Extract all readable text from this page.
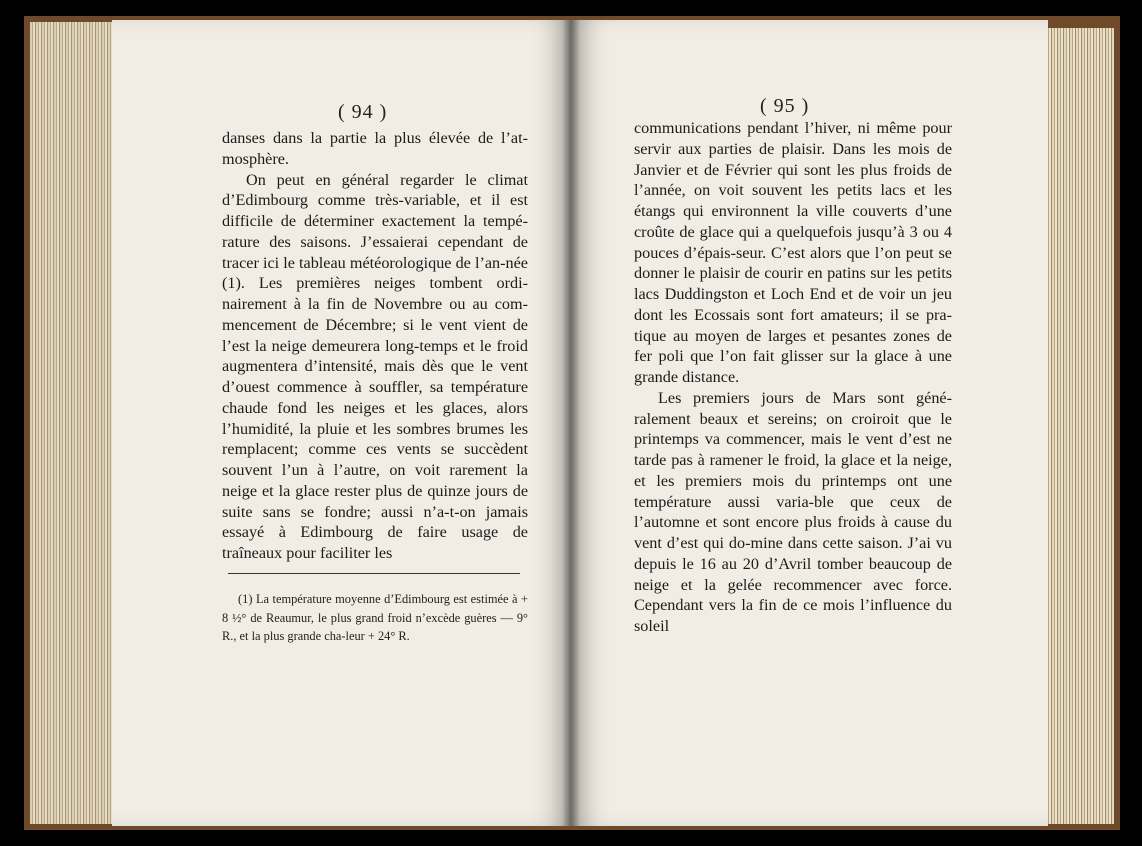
( 94 )

danses dans la partie la plus élevée de l’at-mosphère.

On peut en général regarder le climat d’Edimbourg comme très-variable, et il est difficile de déterminer exactement la tempé-rature des saisons. J’essaierai cependant de tracer ici le tableau météorologique de l’an-née (1). Les premières neiges tombent ordi-nairement à la fin de Novembre ou au com-mencement de Décembre; si le vent vient de l’est la neige demeurera long-temps et le froid augmentera d’intensité, mais dès que le vent d’ouest commence à souffler, sa température chaude fond les neiges et les glaces, alors l’humidité, la pluie et les sombres brumes les remplacent; comme ces vents se succèdent souvent l’un à l’autre, on voit rarement la neige et la glace rester plus de quinze jours de suite sans se fondre; aussi n’a-t-on jamais essayé à Edimbourg de faire usage de traîneaux pour faciliter les

(1) La température moyenne d’Edimbourg est estimée à + 8 ½° de Reaumur, le plus grand froid n’excède guères — 9° R., et la plus grande cha-leur + 24° R.

( 95 )

communications pendant l’hiver, ni même pour servir aux parties de plaisir. Dans les mois de Janvier et de Février qui sont les plus froids de l’année, on voit souvent les petits lacs et les étangs qui environnent la ville couverts d’une croûte de glace qui a quelquefois jusqu’à 3 ou 4 pouces d’épais-seur. C’est alors que l’on peut se donner le plaisir de courir en patins sur les petits lacs Duddingston et Loch End et de voir un jeu dont les Ecossais sont fort amateurs; il se pra-tique au moyen de larges et pesantes zones de fer poli que l’on fait glisser sur la glace à une grande distance.

Les premiers jours de Mars sont géné-ralement beaux et sereins; on croiroit que le printemps va commencer, mais le vent d’est ne tarde pas à ramener le froid, la glace et la neige, et les premiers mois du printemps ont une température aussi varia-ble que ceux de l’automne et sont encore plus froids à cause du vent d’est qui do-mine dans cette saison. J’ai vu depuis le 16 au 20 d’Avril tomber beaucoup de neige et la gelée recommencer avec force. Cependant vers la fin de ce mois l’influence du soleil
